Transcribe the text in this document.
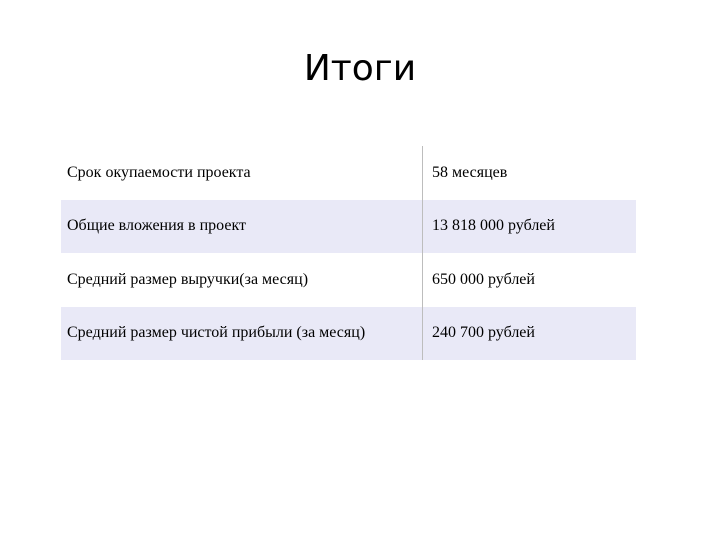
Итоги
Срок окупаемости проекта	58 месяцев
Общие вложения в проект	13 818 000 рублей
Средний размер выручки(за месяц)	650 000 рублей
Средний размер чистой прибыли (за месяц)	240 700 рублей
